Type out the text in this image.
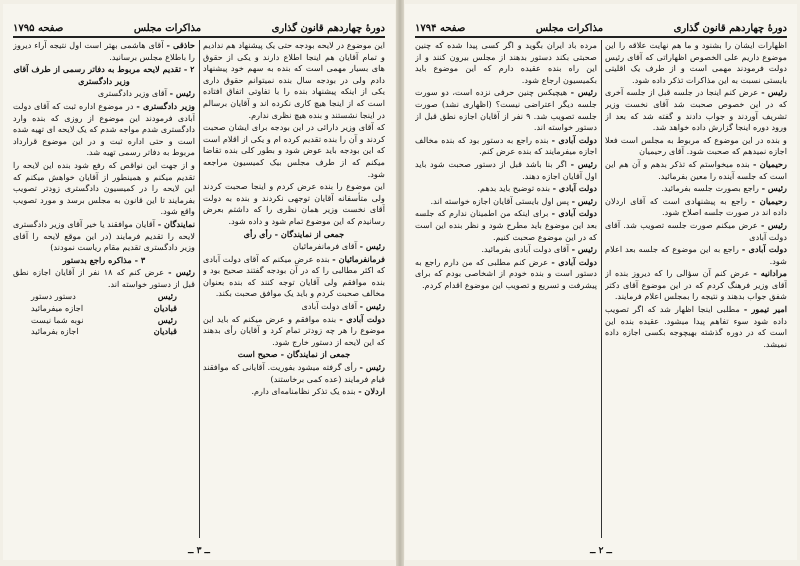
دورهٔ چهاردهم قانون گذاری
مذاکرات مجلس
صفحه ۱۷۹۵

این موضوع در لایحه بودجه حتی یک پیشنهاد هم ندادیم و تمام آقایان هم اینجا اطلاع دارند و یکی از حقوق های بسیار مهمی است که بنده به سهم خود پیشنهاد دادم ولی در بودجه سال بنده نمیتوانم حقوق داری یکی از اینکه پیشنهاد بنده را با تفاوتی اتفاق افتاده است که از اینجا هیچ کاری نکرده اند و آقایان برسالم در اینجا نشستند و بنده هیچ نظری ندارم.

که آقای وزیر دارائی در این بودجه برای ایشان صحبت کردند و آن را بنده تقدیم کرده ام و یکی از اقلام است که این بودجه باید عوض شود و بطور کلی بنده تقاضا میکنم که از طرف مجلس بیک کمیسیون مراجعه شود.

این موضوع را بنده عرض کردم و اینجا صحبت کردند ولی متأسفانه آقایان توجهی نکردند و بنده به دولت آقای نخست وزیر همان نظری را که داشتم بعرض رسانیدم که این موضوع تمام شود و داده شود.

جمعی از نمایندگان - رأی رأی

رئیس - آقای فرمانفرمائیان

فرمانفرمائیان - بنده عرض میکنم که آقای دولت آبادی که اکثر مطالبی را که در آن بودجه گفتند صحیح بود و بنده موافقم ولی آقایان توجه کنند که بنده بعنوان مخالف صحبت کردم و باید یک موافق صحبت بکند.

رئیس - آقای دولت آبادی

دولت آبادی - بنده موافقم و عرض میکنم که باید این موضوع را هر چه زودتر تمام کرد و آقایان رأی بدهند که این لایحه از دستور خارج شود.

جمعی از نمایندگان - صحیح است

رئیس - رأی گرفته میشود بفوریت. آقایانی که موافقند قیام فرمایند (عده کمی برخاستند)

اردلان - بنده یک تذکر نظامنامه‌ای دارم.

حاذقی - آقای هاشمی بهتر است اول نتیجه آراء دیروز را باطلاع مجلس برسانید.

۲ - تقدیم لایحه مربوط به دفاتر رسمی از طرف آقای وزیر دادگستری

رئیس - آقای وزیر دادگستری

وزیر دادگستری - در موضوع اداره ثبت که آقای دولت آبادی فرمودند این موضوع از روزی که بنده وارد دادگستری شدم مواجه شدم که یک لایحه ای تهیه شده است و حتی اداره ثبت و در این موضوع قرارداد مربوط به دفاتر رسمی تهیه شد.

و از جهت این نواقص که رفع شود بنده این لایحه را تقدیم میکنم و همینطور از آقایان خواهش میکنم که این لایحه را در کمیسیون دادگستری زودتر تصویب بفرمایند تا این قانون به مجلس برسد و مورد تصویب واقع شود.

نمایندگان - آقایان موافقند یا خیر آقای وزیر دادگستری لایحه را تقدیم فرمایند (در این موقع لایحه را آقای وزیر دادگستری تقدیم مقام ریاست نمودند)

۳ - مذاکره راجع بدستور

رئیس - عرض کنم که ۱۸ نفر از آقایان اجازه نطق قبل از دستور خواسته اند.

رئیس
دستور دستور
قبادیان
اجازه میفرمائید
رئیس
نوبه شما نیست
قبادیان
اجازه بفرمائید
ــ ۳ ــ
دورهٔ چهاردهم قانون گذاری
مذاکرات مجلس
صفحه ۱۷۹۴

اظهارات ایشان را بشنود و ما هم نهایت علاقه را این موضوع داریم علی الخصوص اظهاراتی که آقای رئیس دولت فرمودند مهمی است و از طرف یک اقلیتی بایستی نسبت به این مذاکرات تذکر داده شود.

رئیس - عرض کنم اینجا در جلسه قبل از جلسه آخری که در این خصوص صحبت شد آقای نخست وزیر تشریف آوردند و جواب دادند و گفته شد که بعد از ورود دوره اینجا گزارش داده خواهد شد.

و بنده در این موضوع که مربوط به مجلس است فعلا اجازه نمیدهم که صحبت شود. آقای رحیمیان

رحیمیان - بنده میخواستم که تذکر بدهم و آن هم این است که جلسه آینده را معین بفرمائید.

رئیس - راجع بصورت جلسه بفرمائید.

رحیمیان - راجع به پیشنهادی است که آقای اردلان داده اند در صورت جلسه اصلاح شود.

رئیس - عرض میکنم صورت جلسه تصویب شد. آقای دولت آبادی

دولت آبادی - راجع به این موضوع که جلسه بعد اعلام شود.

مرادانیه - عرض کنم آن سؤالی را که دیروز بنده از آقای وزیر فرهنگ کردم که در این موضوع آقای دکتر شفق جواب بدهند و نتیجه را بمجلس اعلام فرمایند.

امیر تیمور - مطلبی اینجا اظهار شد که اگر تصویب داده شود سوء تفاهم پیدا میشود. عقیده بنده این است که در دوره گذشته بهیچوجه بکسی اجازه داده نمیشد.

مرده باد ایران بگوید و اگر کسی پیدا شده که چنین صحبتی بکند دستور بدهند از مجلس بیرون کنند و از این راه بنده عقیده دارم که این موضوع باید بکمیسیون ارجاع شود.

رئیس - هیچیکس چنین حرفی نزده است، دو سورت جلسه دیگر اعتراضی نیست؟ (اظهاری نشد) صورت جلسه تصویب شد. ۹ نفر از آقایان اجازه نطق قبل از دستور خواسته اند.

دولت آبادی - بنده راجع به دستور بود که بنده مخالف اجازه میفرمایند که بنده عرض کنم.

رئیس - اگر بنا باشد قبل از دستور صحبت شود باید اول آقایان اجازه دهند.

دولت آبادی - بنده توضیح باید بدهم.

رئیس - پس اول بایستی آقایان اجازه خواسته اند.

دولت آبادی - برای اینکه من اطمینان ندارم که جلسه بعد این موضوع باید مطرح شود و نظر بنده این است که در این موضوع صحبت کنیم.

رئیس - آقای دولت آبادی بفرمائید.

دولت آبادی - عرض کنم مطلبی که من دارم راجع به دستور است و بنده خودم از اشخاصی بودم که برای پیشرفت و تسریع و تصویب این موضوع اقدام کردم.

ــ ۲ ــ
